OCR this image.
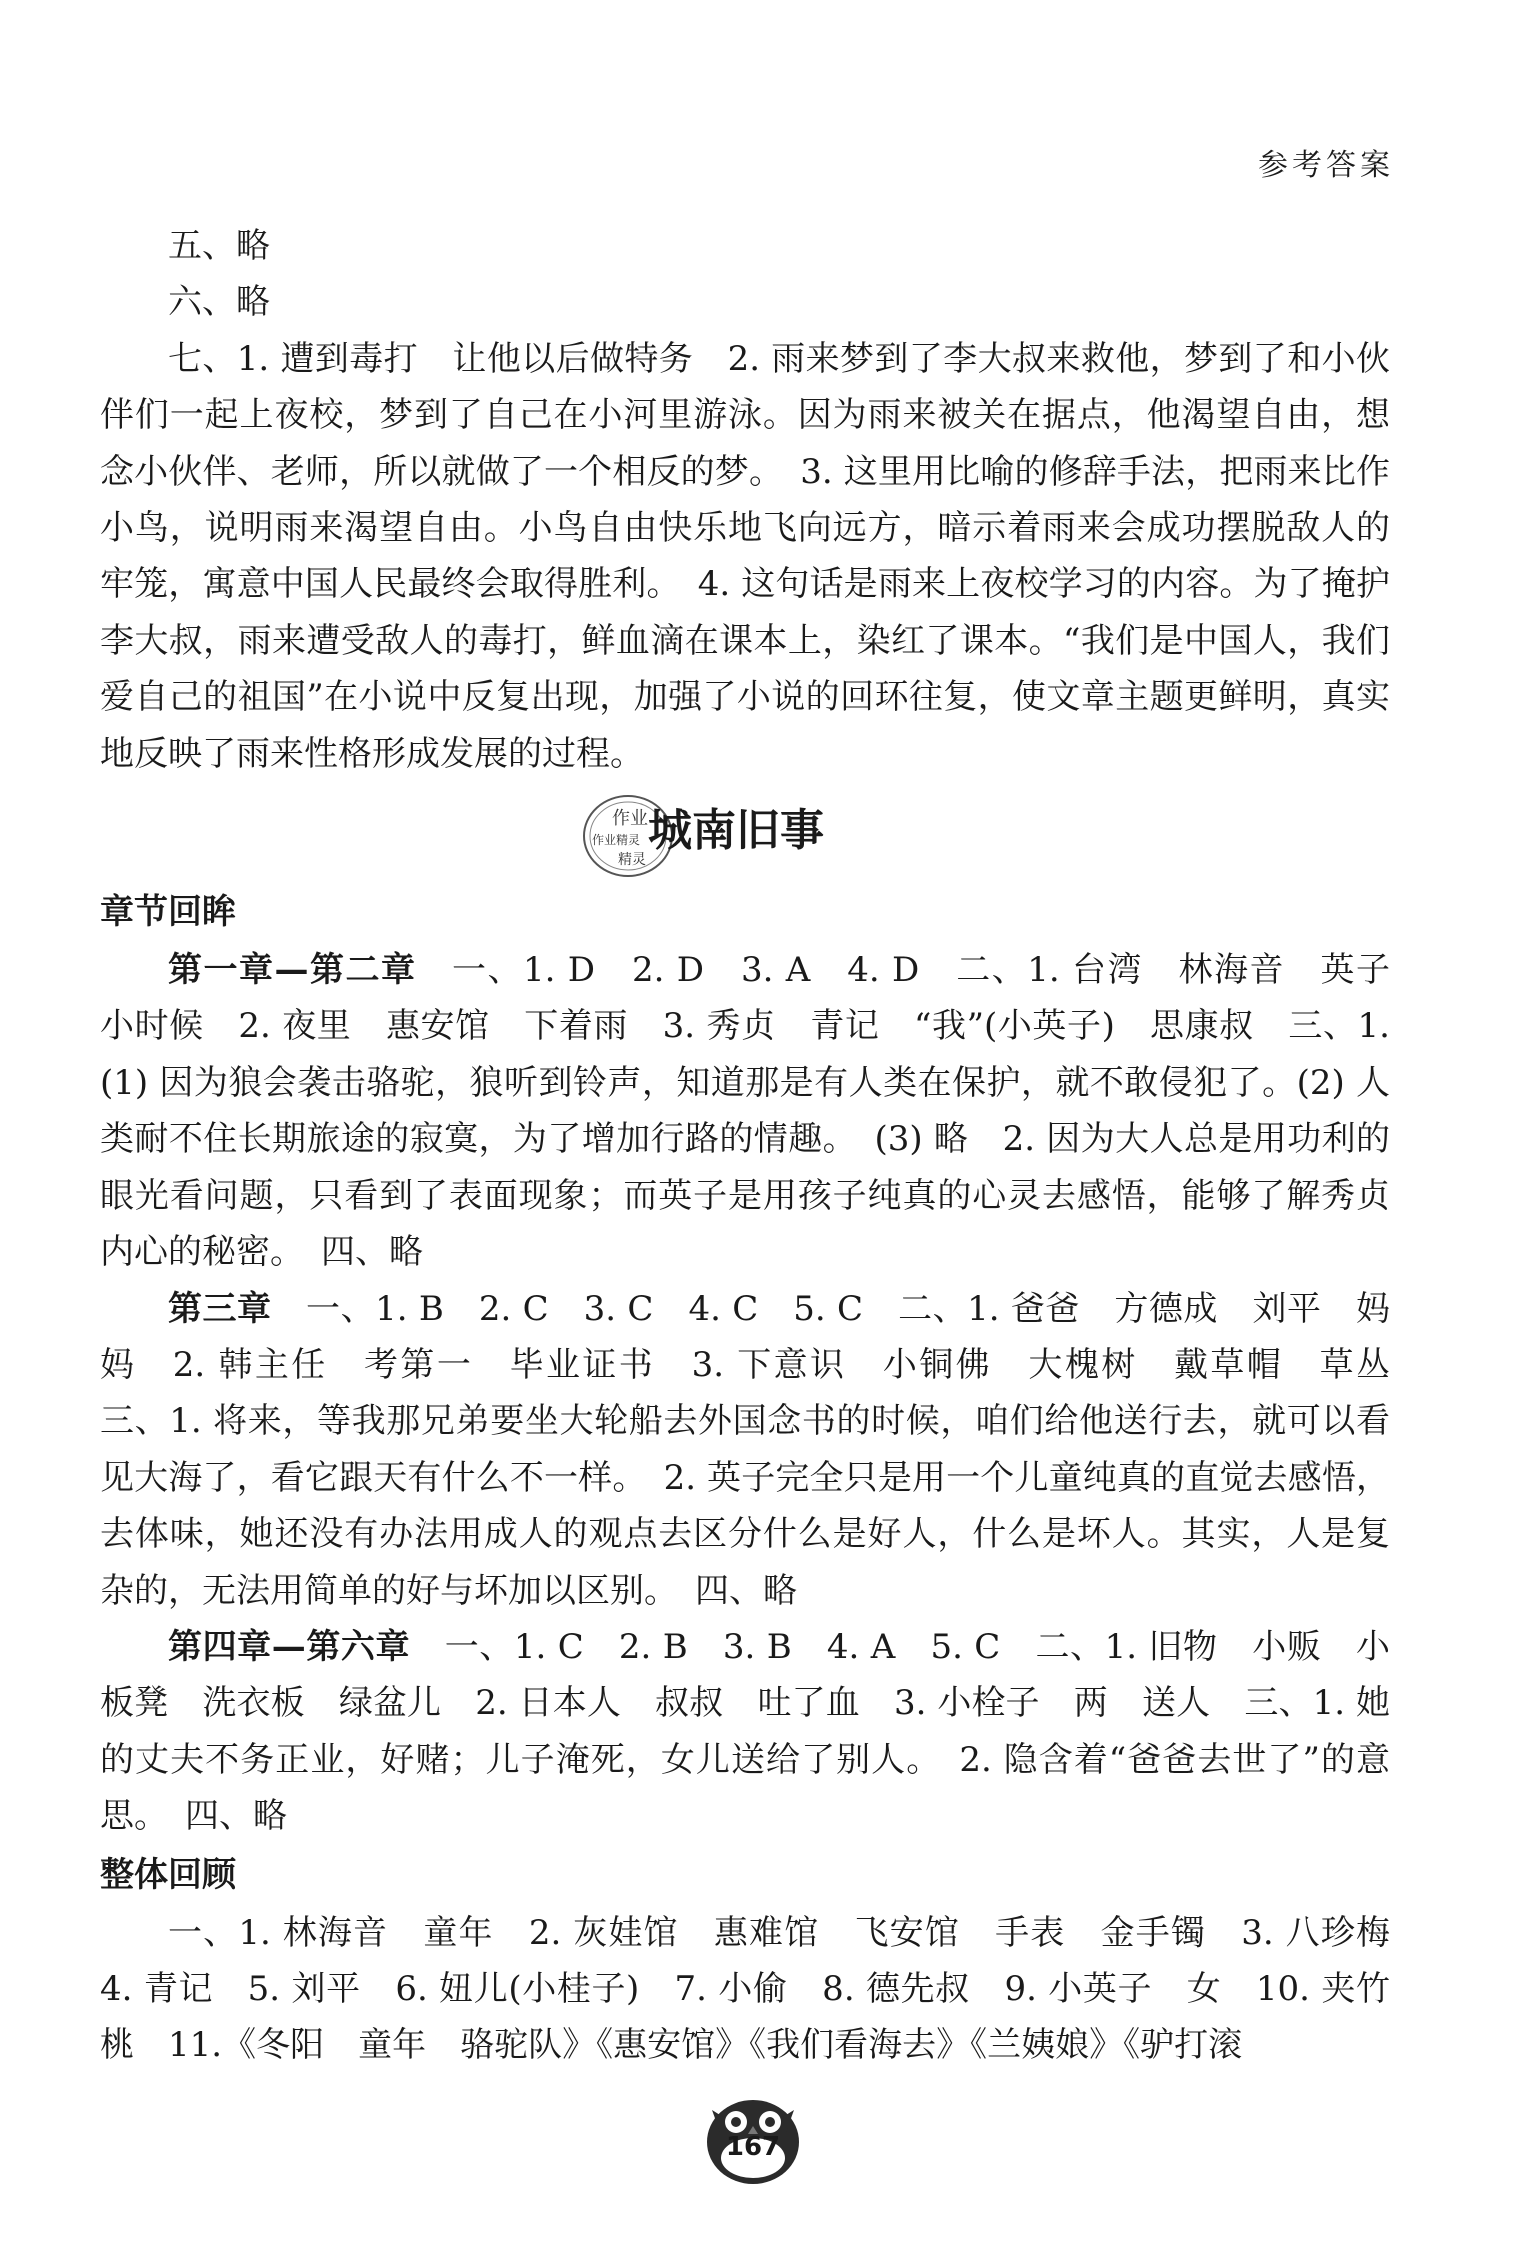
参考答案

五、略

六、略

七、1. 遭到毒打　让他以后做特务　2. 雨来梦到了李大叔来救他，梦到了和小伙伴们一起上夜校，梦到了自己在小河里游泳。因为雨来被关在据点，他渴望自由，想念小伙伴、老师，所以就做了一个相反的梦。　3. 这里用比喻的修辞手法，把雨来比作小鸟，说明雨来渴望自由。小鸟自由快乐地飞向远方，暗示着雨来会成功摆脱敌人的牢笼，寓意中国人民最终会取得胜利。　4. 这句话是雨来上夜校学习的内容。为了掩护李大叔，雨来遭受敌人的毒打，鲜血滴在课本上，染红了课本。“我们是中国人，我们爱自己的祖国”在小说中反复出现，加强了小说的回环往复，使文章主题更鲜明，真实地反映了雨来性格形成发展的过程。

作业
作业精灵
精灵
城南旧事

章节回眸

第一章—第二章　一、1. D　2. D　3. A　4. D　二、1. 台湾　林海音　英子　小时候　2. 夜里　惠安馆　下着雨　3. 秀贞　青记　“我”(小英子)　思康叔　三、1. (1) 因为狼会袭击骆驼，狼听到铃声，知道那是有人类在保护，就不敢侵犯了。(2) 人类耐不住长期旅途的寂寞，为了增加行路的情趣。　(3) 略　2. 因为大人总是用功利的眼光看问题，只看到了表面现象；而英子是用孩子纯真的心灵去感悟，能够了解秀贞内心的秘密。　四、略

第三章　一、1. B　2. C　3. C　4. C　5. C　二、1. 爸爸　方德成　刘平　妈妈　2. 韩主任　考第一　毕业证书　3. 下意识　小铜佛　大槐树　戴草帽　草丛　三、1. 将来，等我那兄弟要坐大轮船去外国念书的时候，咱们给他送行去，就可以看见大海了，看它跟天有什么不一样。　2. 英子完全只是用一个儿童纯真的直觉去感悟，去体味，她还没有办法用成人的观点去区分什么是好人，什么是坏人。其实，人是复杂的，无法用简单的好与坏加以区别。　四、略

第四章—第六章　一、1. C　2. B　3. B　4. A　5. C　二、1. 旧物　小贩　小板凳　洗衣板　绿盆儿　2. 日本人　叔叔　吐了血　3. 小栓子　两　送人　三、1. 她的丈夫不务正业，好赌；儿子淹死，女儿送给了别人。　2. 隐含着“爸爸去世了”的意思。　四、略

整体回顾

一、1. 林海音　童年　2. 灰娃馆　惠难馆　飞安馆　手表　金手镯　3. 八珍梅　4. 青记　5. 刘平　6. 妞儿(小桂子)　7. 小偷　8. 德先叔　9. 小英子　女　10. 夹竹桃　11.《冬阳　童年　骆驼队》《惠安馆》《我们看海去》《兰姨娘》《驴打滚

167
